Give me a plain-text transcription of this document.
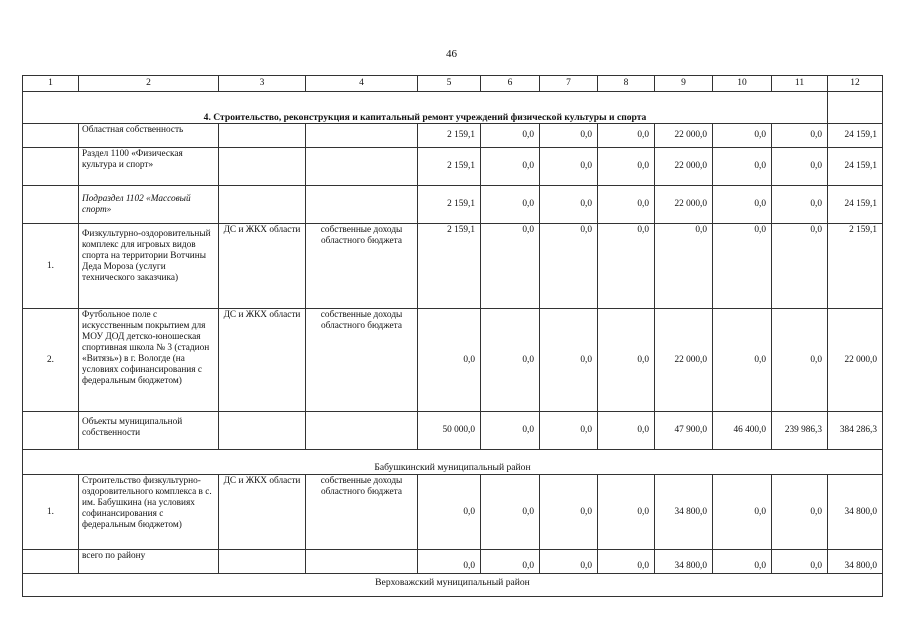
46
1	2	3	4	5	6	7	8	9	10	11	12
4. Строительство, реконструкция и капитальный ремонт учреждений физической культуры и спорта											
	Областная собственность			2 159,1	0,0	0,0	0,0	22 000,0	0,0	0,0	24 159,1
	Раздел 1100 «Физическая культура и спорт»			2 159,1	0,0	0,0	0,0	22 000,0	0,0	0,0	24 159,1
	Подраздел 1102 «Массовый спорт»			2 159,1	0,0	0,0	0,0	22 000,0	0,0	0,0	24 159,1
1.	Физкультурно-оздоровительный комплекс для игровых видов спорта на территории Вотчины Деда Мороза (услуги технического заказчика)	ДС и ЖКХ области	собственные доходы областного бюджета	2 159,1	0,0	0,0	0,0	0,0	0,0	0,0	2 159,1
2.	Футбольное поле с искусственным покрытием для МОУ ДОД детско-юношеская спортивная школа № 3 (стадион «Витязь») в г. Вологде (на условиях софинансирования с федеральным бюджетом)	ДС и ЖКХ области	собственные доходы областного бюджета	0,0	0,0	0,0	0,0	22 000,0	0,0	0,0	22 000,0
	Объекты муниципальной собственности			50 000,0	0,0	0,0	0,0	47 900,0	46 400,0	239 986,3	384 286,3
Бабушкинский муниципальный район											
1.	Строительство физкультурно-оздоровительного комплекса в с. им. Бабушкина (на условиях софинансирования с федеральным бюджетом)	ДС и ЖКХ области	собственные доходы областного бюджета	0,0	0,0	0,0	0,0	34 800,0	0,0	0,0	34 800,0
	всего по району			0,0	0,0	0,0	0,0	34 800,0	0,0	0,0	34 800,0
Верховажский муниципальный район											
